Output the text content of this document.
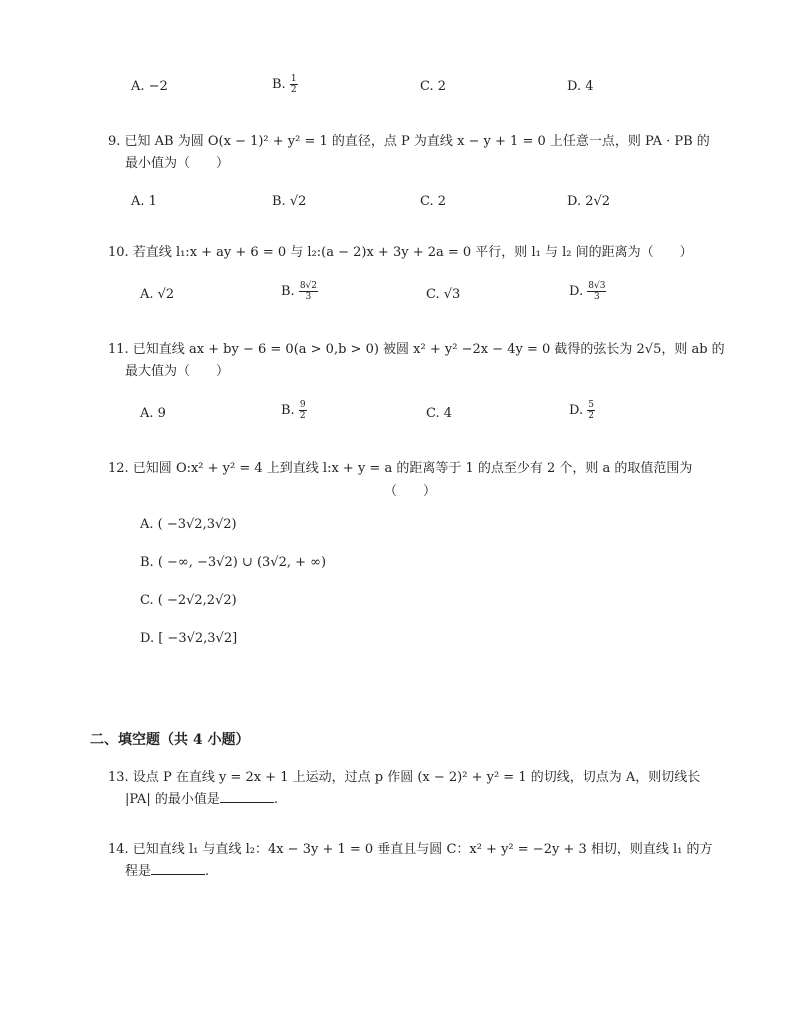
A. −2	B. $\frac{1}{2}$	C. 2	D. 4
9. 已知 AB 为圆 O(x − 1)² + y² = 1 的直径，点 P 为直线 x − y + 1 = 0 上任意一点，则 PA · PB 的
最小值为（　　）
A. 1	B. √2	C. 2	D. 2√2
10. 若直线 l₁:x + ay + 6 = 0 与 l₂:(a − 2)x + 3y + 2a = 0 平行，则 l₁ 与 l₂ 间的距离为（　　）
A. √2	B. $\frac{8√2}{3}$	C. √3	D. $\frac{8√3}{3}$
11. 已知直线 ax + by − 6 = 0(a > 0,b > 0) 被圆 x² + y² −2x − 4y = 0 截得的弦长为 2√5，则 ab 的
最大值为（　　）
A. 9	B. $\frac{9}{2}$	C. 4	D. $\frac{5}{2}$
12. 已知圆 O:x² + y² = 4 上到直线 l:x + y = a 的距离等于 1 的点至少有 2 个，则 a 的取值范围为
（　　）
A. ( −3√2,3√2)
B. ( −∞, −3√2) ∪ (3√2, + ∞)
C. ( −2√2,2√2)
D. [ −3√2,3√2]
二、填空题（共 4 小题）
13. 设点 P 在直线 y = 2x + 1 上运动，过点 p 作圆 (x − 2)² + y² = 1 的切线，切点为 A，则切线长
|PA| 的最小值是	.
14. 已知直线 l₁ 与直线 l₂：4x − 3y + 1 = 0 垂直且与圆 C：x² + y² = −2y + 3 相切，则直线 l₁ 的方
程是	.
